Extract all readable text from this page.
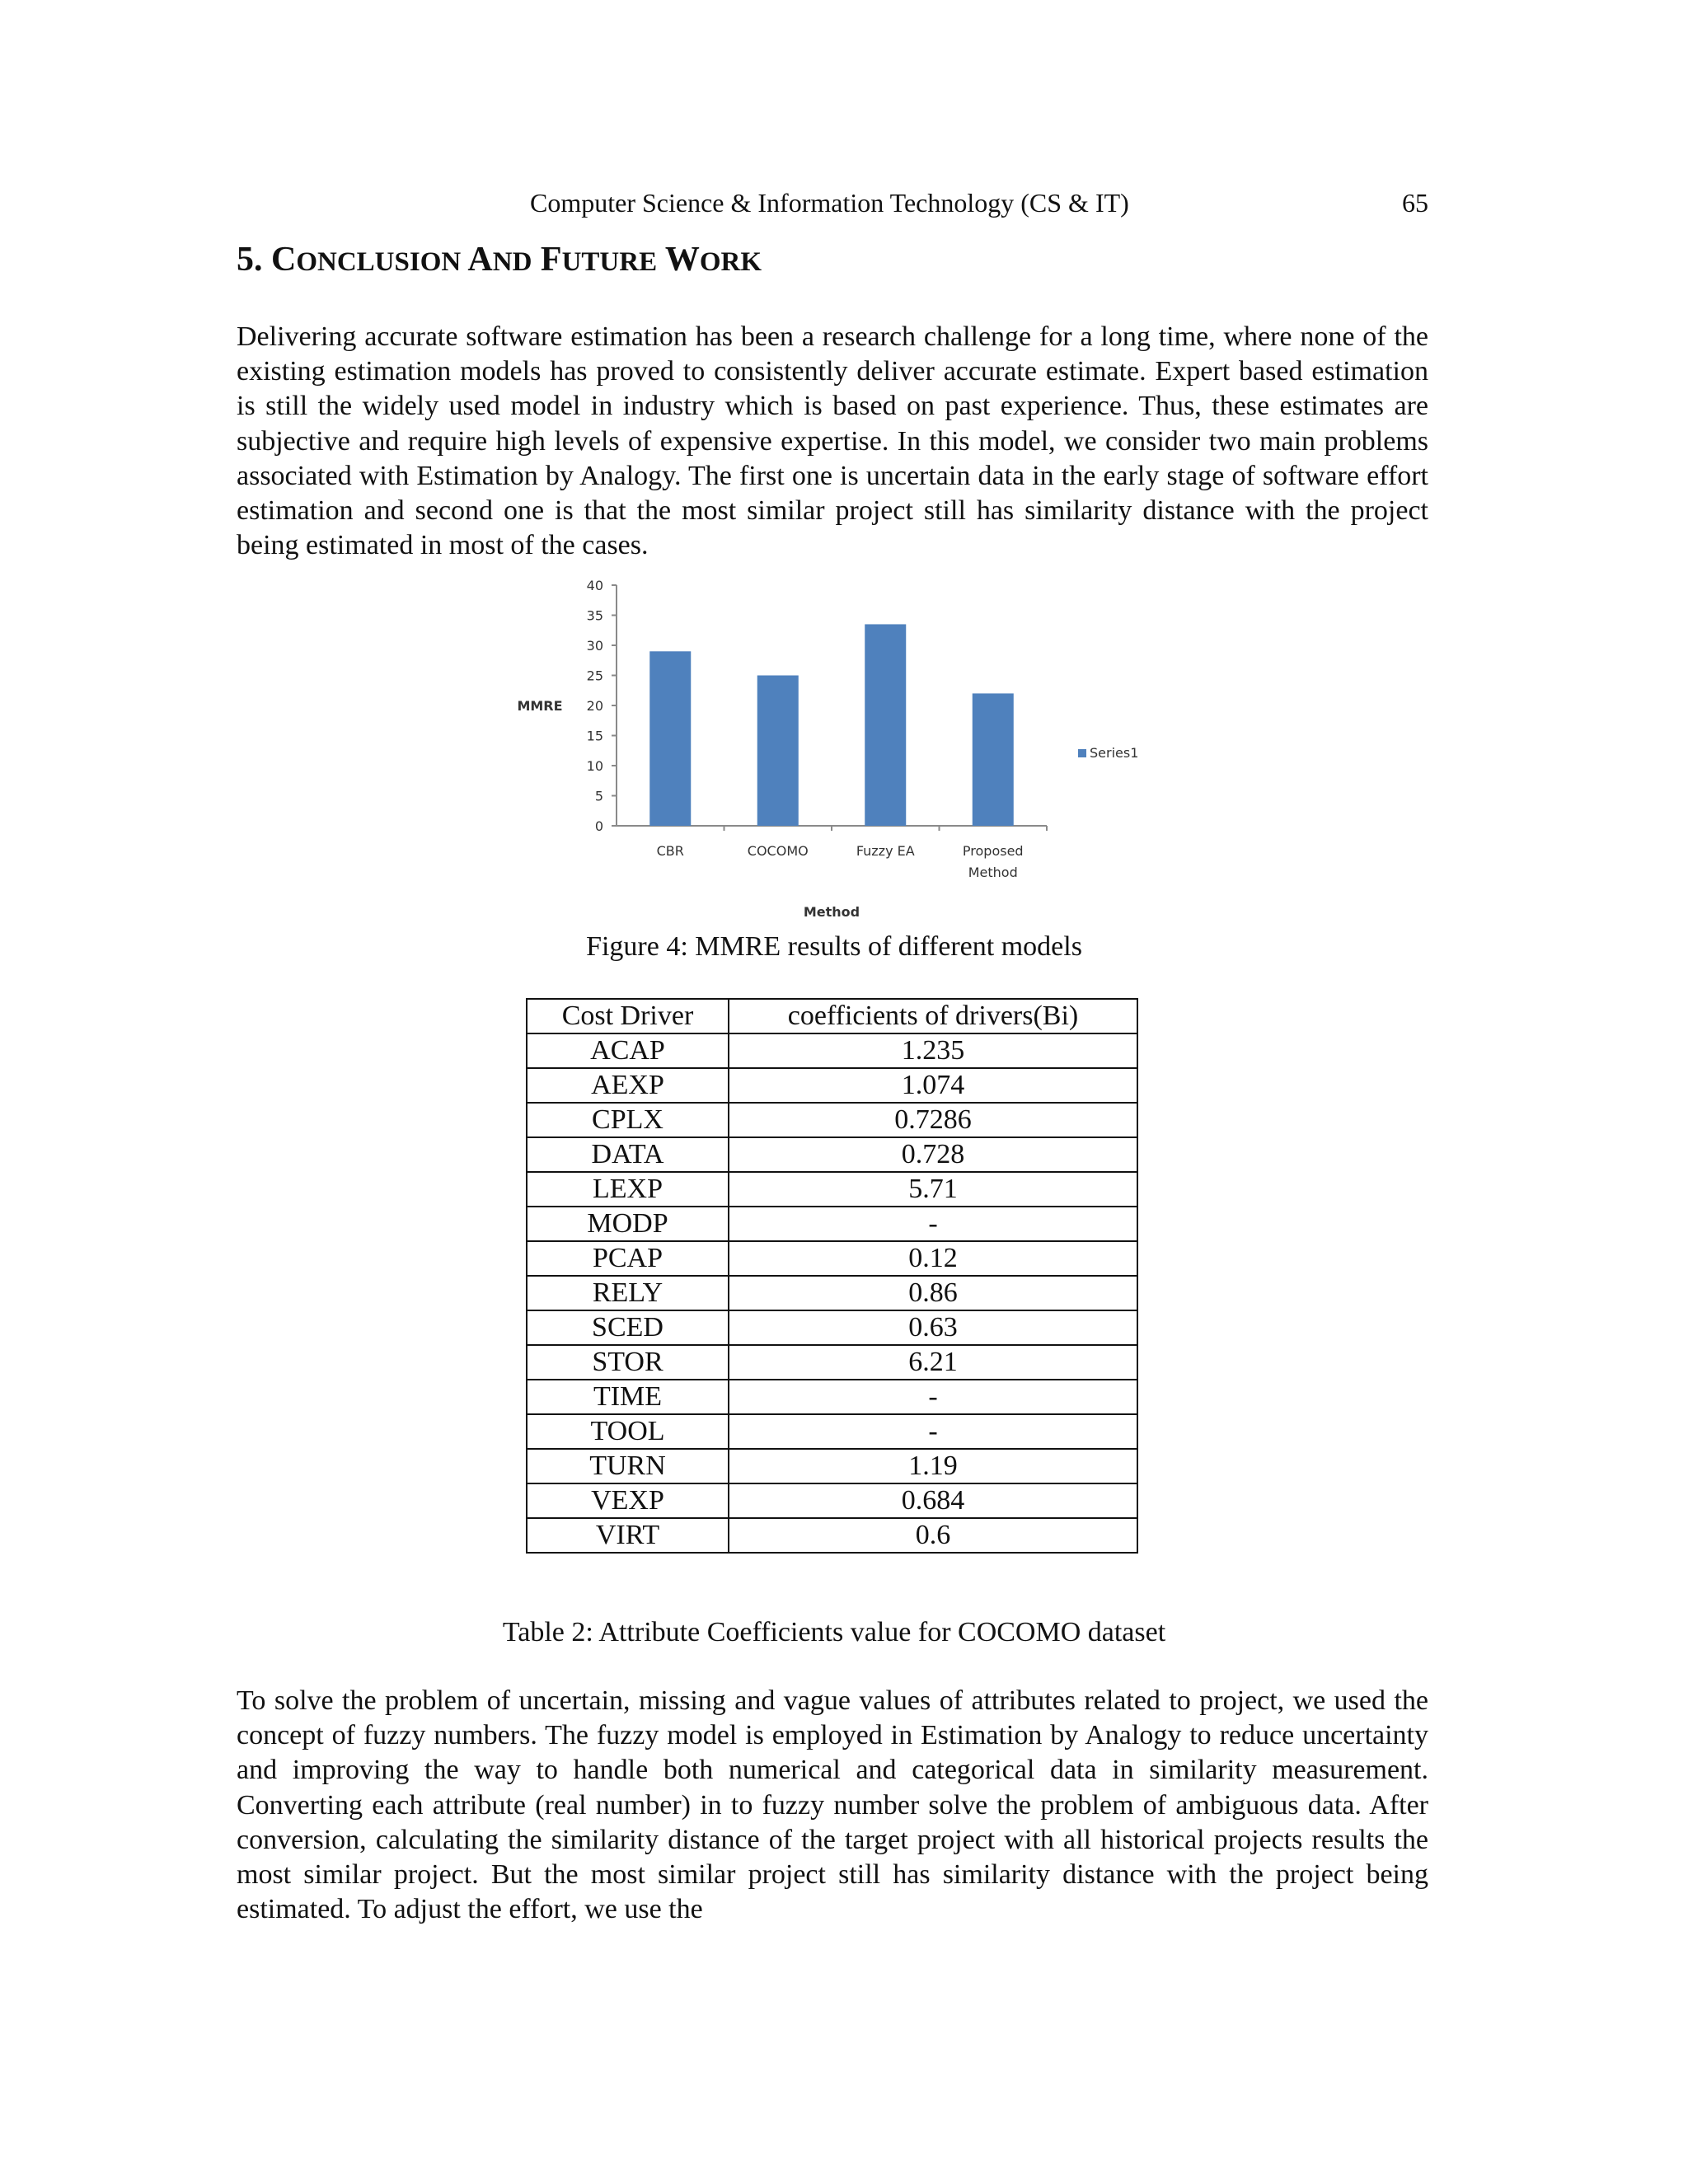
Computer Science & Information Technology (CS & IT)	65
5. CONCLUSION AND FUTURE WORK

Delivering accurate software estimation has been a research challenge for a long time, where none of the existing estimation models has proved to consistently deliver accurate estimate. Expert based estimation is still the widely used model in industry which is based on past experience. Thus, these estimates are subjective and require high levels of expensive expertise. In this model, we consider two main problems associated with Estimation by Analogy. The first one is uncertain data in the early stage of software effort estimation and second one is that the most similar project still has similarity distance with the project being estimated in most of the cases.

0
5
10
15
20
25
30
35
40
CBR	COCOMO	Fuzzy EA	Proposed
Method
MMRE
Method
Series1

Figure 4: MMRE results of different models

Cost Driver	coefficients of drivers(Bi)
ACAP	1.235
AEXP	1.074
CPLX	0.7286
DATA	0.728
LEXP	5.71
MODP	-
PCAP	0.12
RELY	0.86
SCED	0.63
STOR	6.21
TIME	-
TOOL	-
TURN	1.19
VEXP	0.684
VIRT	0.6

Table 2: Attribute Coefficients value for COCOMO dataset

To solve the problem of uncertain, missing and vague values of attributes related to project, we used the concept of fuzzy numbers. The fuzzy model is employed in Estimation by Analogy to reduce uncertainty and improving the way to handle both numerical and categorical data in similarity measurement. Converting each attribute (real number) in to fuzzy number solve the problem of ambiguous data. After conversion, calculating the similarity distance of the target project with all historical projects results the most similar project. But the most similar project still has similarity distance with the project being estimated. To adjust the effort, we use the
